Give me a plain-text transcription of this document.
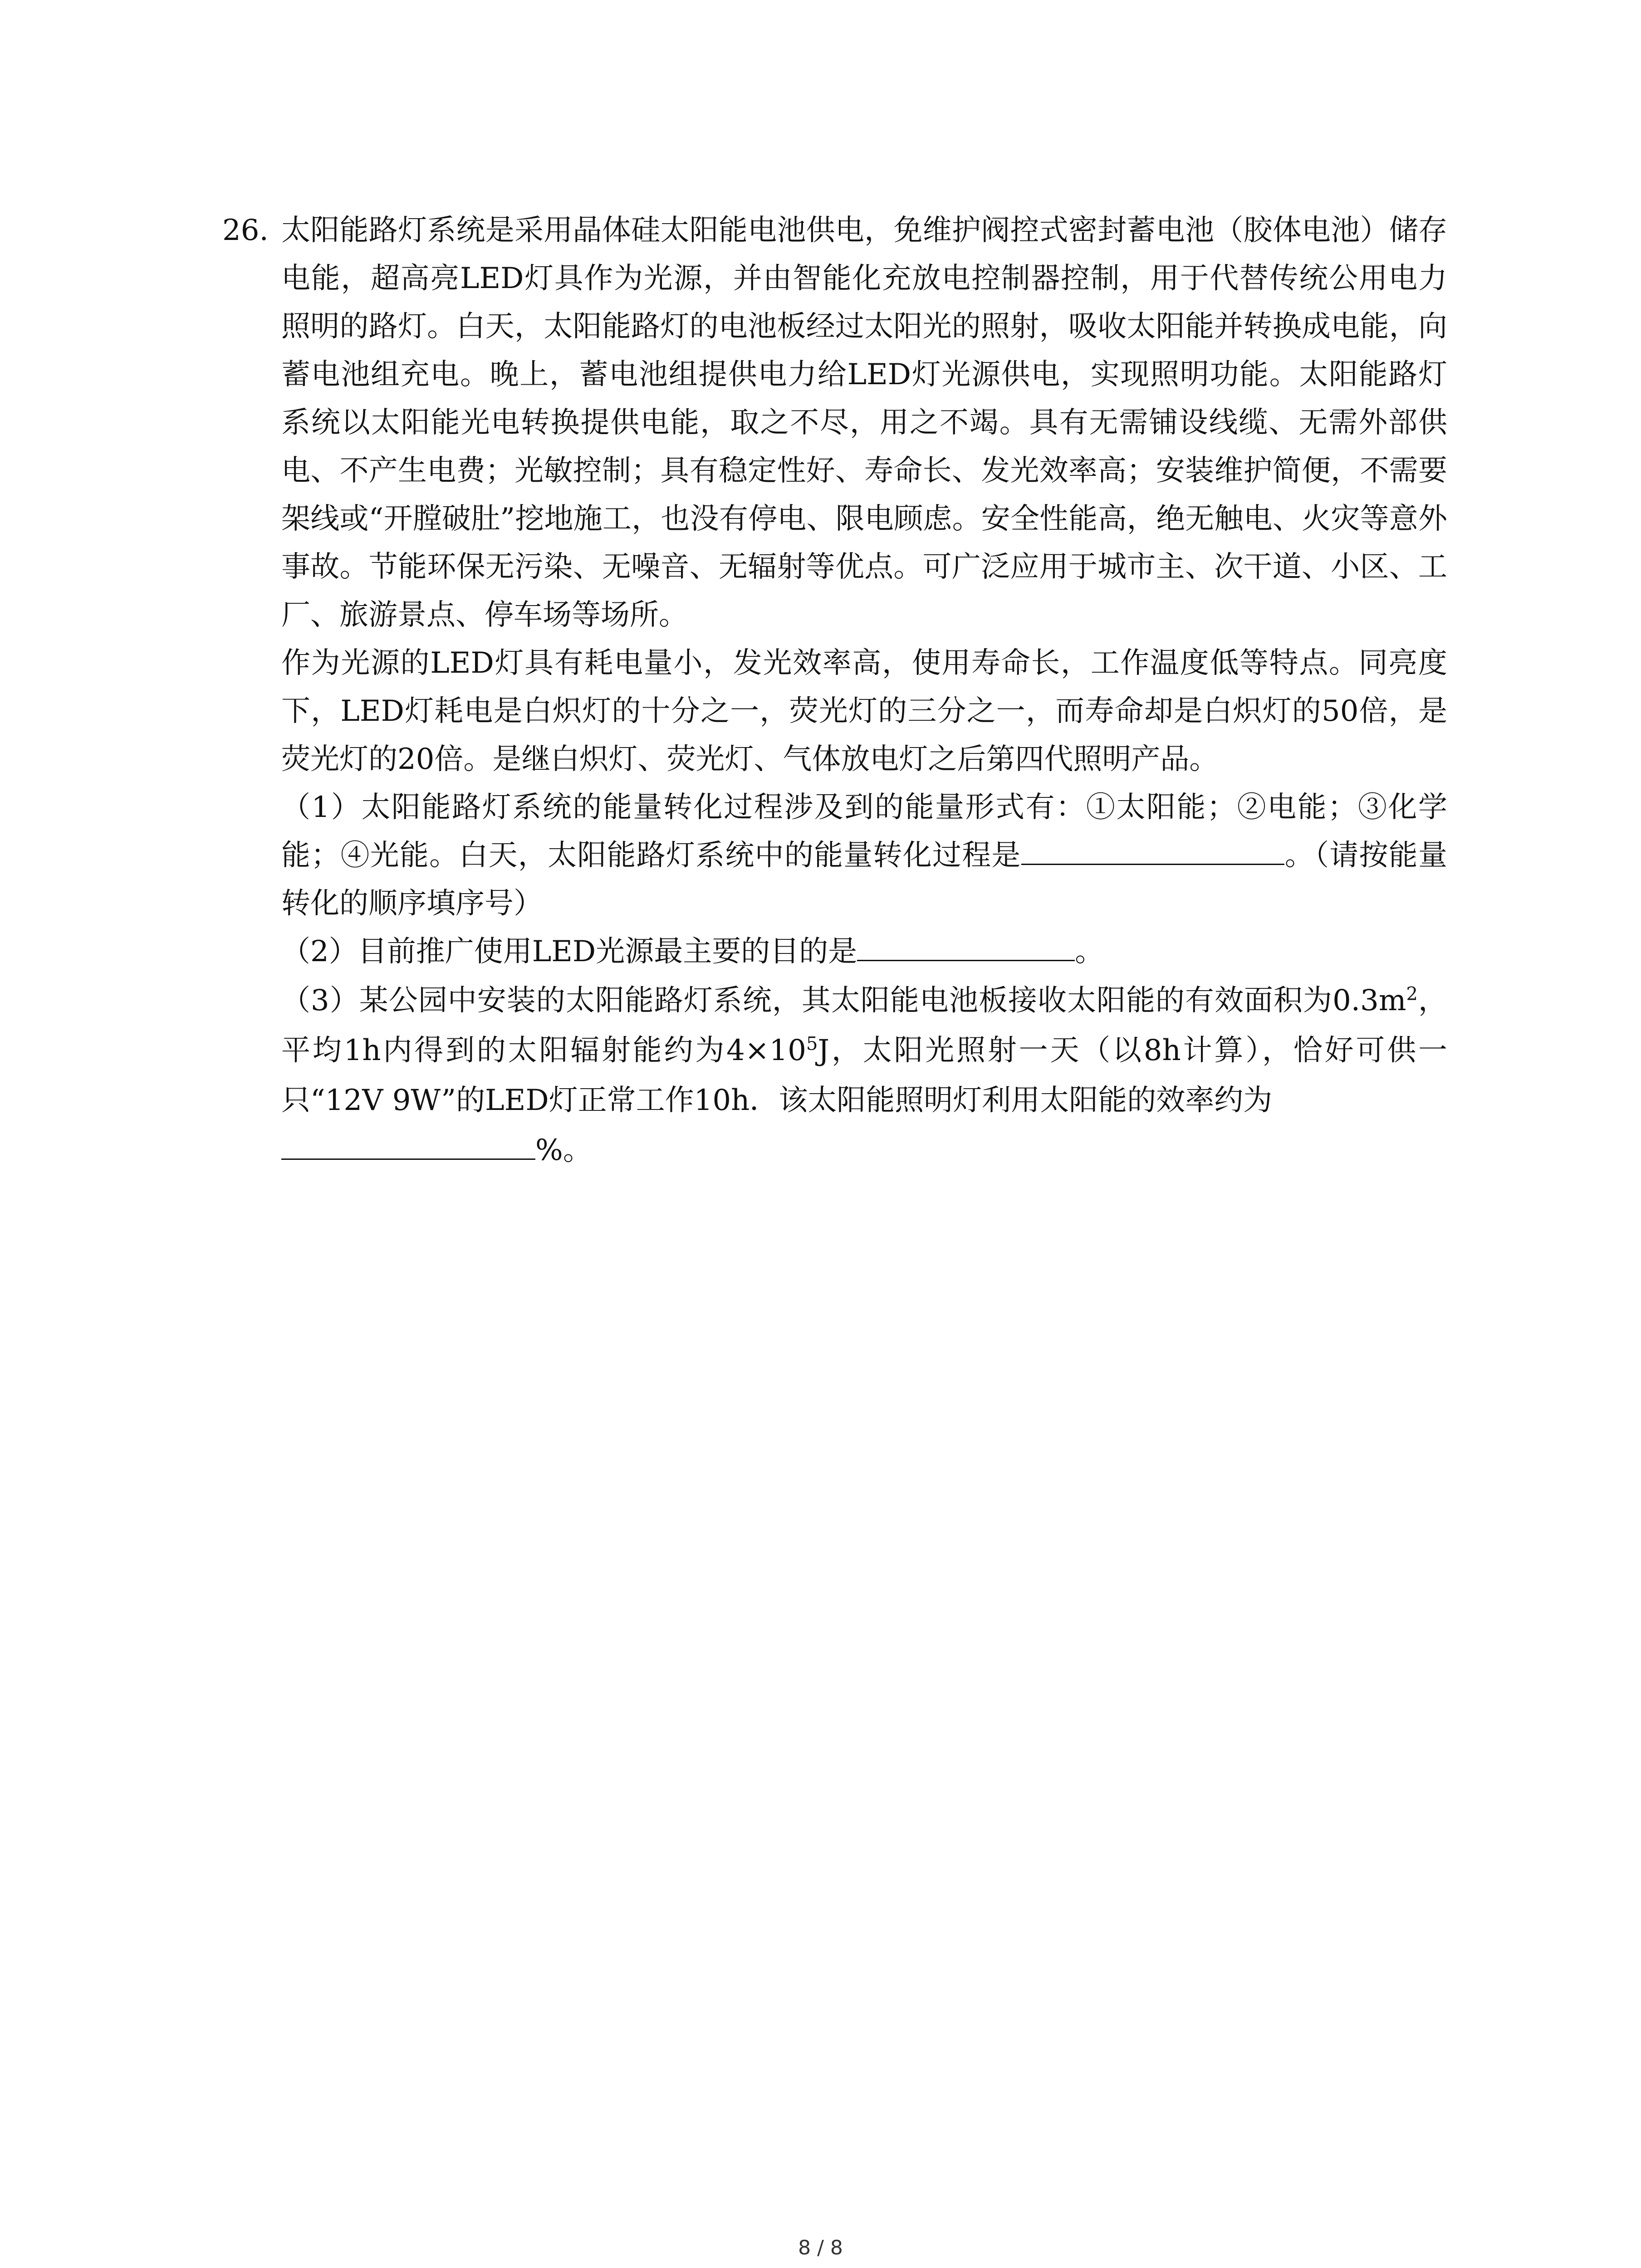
26. 太阳能路灯系统是采用晶体硅太阳能电池供电，免维护阀控式密封蓄电池（胶体电池）储存电能，超高亮LED灯具作为光源，并由智能化充放电控制器控制，用于代替传统公用电力照明的路灯。白天，太阳能路灯的电池板经过太阳光的照射，吸收太阳能并转换成电能，向蓄电池组充电。晚上，蓄电池组提供电力给LED灯光源供电，实现照明功能。太阳能路灯系统以太阳能光电转换提供电能，取之不尽，用之不竭。具有无需铺设线缆、无需外部供电、不产生电费；光敏控制；具有稳定性好、寿命长、发光效率高；安装维护简便，不需要架线或“开膛破肚”挖地施工，也没有停电、限电顾虑。安全性能高，绝无触电、火灾等意外事故。节能环保无污染、无噪音、无辐射等优点。可广泛应用于城市主、次干道、小区、工厂、旅游景点、停车场等场所。

作为光源的LED灯具有耗电量小，发光效率高，使用寿命长，工作温度低等特点。同亮度下，LED灯耗电是白炽灯的十分之一，荧光灯的三分之一，而寿命却是白炽灯的50倍，是荧光灯的20倍。是继白炽灯、荧光灯、气体放电灯之后第四代照明产品。

（1）太阳能路灯系统的能量转化过程涉及到的能量形式有：①太阳能；②电能；③化学能；④光能。白天，太阳能路灯系统中的能量转化过程是	。（请按能量转化的顺序填序号）

（2）目前推广使用LED光源最主要的目的是	。

（3）某公园中安装的太阳能路灯系统，其太阳能电池板接收太阳能的有效面积为$0.3m^2$，平均1h内得到的太阳辐射能约为$4\times 10^5J$，太阳光照射一天（以8h计算），恰好可供一只“12V 9W”的LED灯正常工作10h．该太阳能照明灯利用太阳能的效率约为
%。

8 / 8
